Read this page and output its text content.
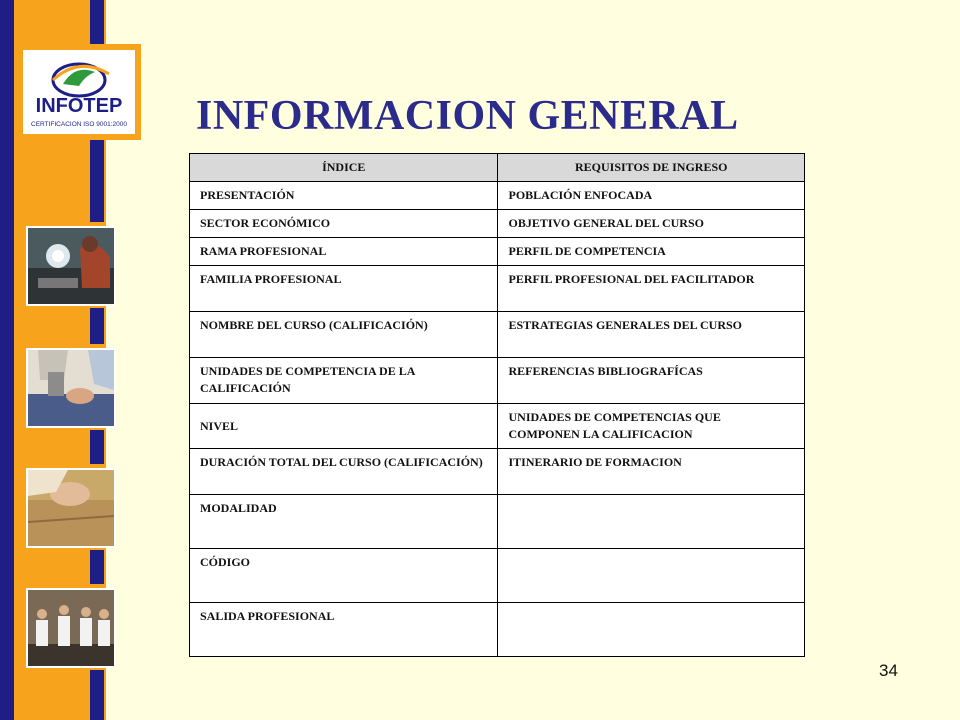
INFOTEP
CERTIFICACION ISO 9001:2000 INFORMACION GENERAL
ÍNDICE	REQUISITOS DE INGRESO
PRESENTACIÓN	POBLACIÓN ENFOCADA
SECTOR ECONÓMICO	OBJETIVO GENERAL DEL CURSO
RAMA PROFESIONAL	PERFIL DE COMPETENCIA
FAMILIA PROFESIONAL	PERFIL PROFESIONAL DEL FACILITADOR
NOMBRE DEL CURSO (CALIFICACIÓN)	ESTRATEGIAS GENERALES DEL CURSO
UNIDADES DE COMPETENCIA DE LA CALIFICACIÓN	REFERENCIAS BIBLIOGRAFÍCAS
NIVEL	UNIDADES DE COMPETENCIAS QUE COMPONEN LA CALIFICACION
DURACIÓN TOTAL DEL CURSO (CALIFICACIÓN)	ITINERARIO DE FORMACION
MODALIDAD	
CÓDIGO	
SALIDA PROFESIONAL	
34
